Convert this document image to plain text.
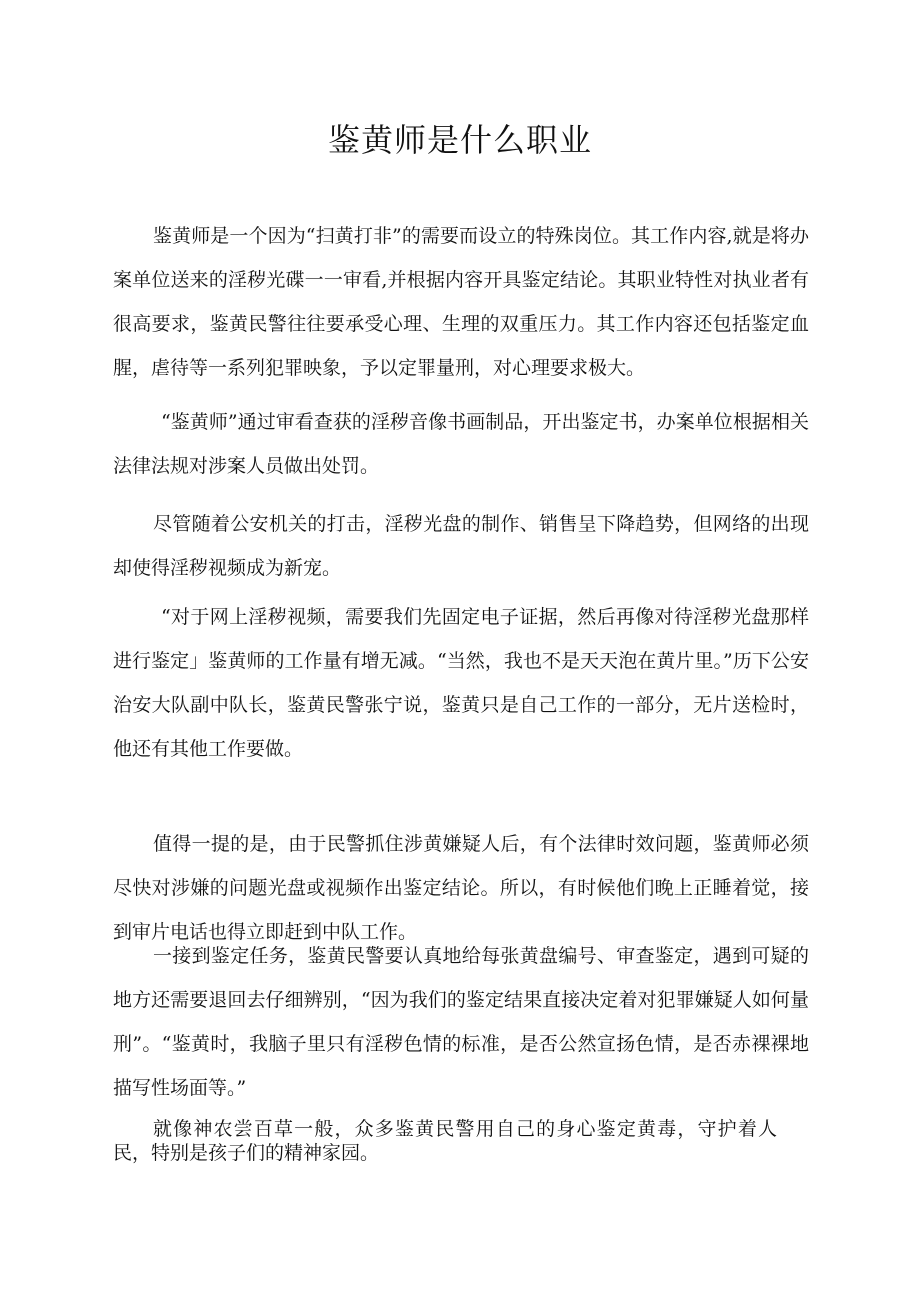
鉴黄师是什么职业

鉴黄师是一个因为“扫黄打非”的需要而设立的特殊岗位。其工作内容,就是将办案单位送来的淫秽光碟一一审看,并根据内容开具鉴定结论。其职业特性对执业者有很高要求，鉴黄民警往往要承受心理、生理的双重压力。其工作内容还包括鉴定血腥，虐待等一系列犯罪映象，予以定罪量刑，对心理要求极大。

“鉴黄师”通过审看查获的淫秽音像书画制品，开出鉴定书，办案单位根据相关法律法规对涉案人员做出处罚。

尽管随着公安机关的打击，淫秽光盘的制作、销售呈下降趋势，但网络的出现却使得淫秽视频成为新宠。

“对于网上淫秽视频，需要我们先固定电子证据，然后再像对待淫秽光盘那样进行鉴定」鉴黄师的工作量有增无减。“当然，我也不是天天泡在黄片里。”历下公安治安大队副中队长，鉴黄民警张宁说，鉴黄只是自己工作的一部分，无片送检时，他还有其他工作要做。

值得一提的是，由于民警抓住涉黄嫌疑人后，有个法律时效问题，鉴黄师必须尽快对涉嫌的问题光盘或视频作出鉴定结论。所以，有时候他们晚上正睡着觉，接到审片电话也得立即赶到中队工作。

一接到鉴定任务，鉴黄民警要认真地给每张黄盘编号、审查鉴定，遇到可疑的地方还需要退回去仔细辨别，“因为我们的鉴定结果直接决定着对犯罪嫌疑人如何量刑”。“鉴黄时，我脑子里只有淫秽色情的标准，是否公然宣扬色情，是否赤裸裸地描写性场面等。”

就像神农尝百草一般，众多鉴黄民警用自己的身心鉴定黄毒，守护着人民，特别是孩子们的精神家园。
